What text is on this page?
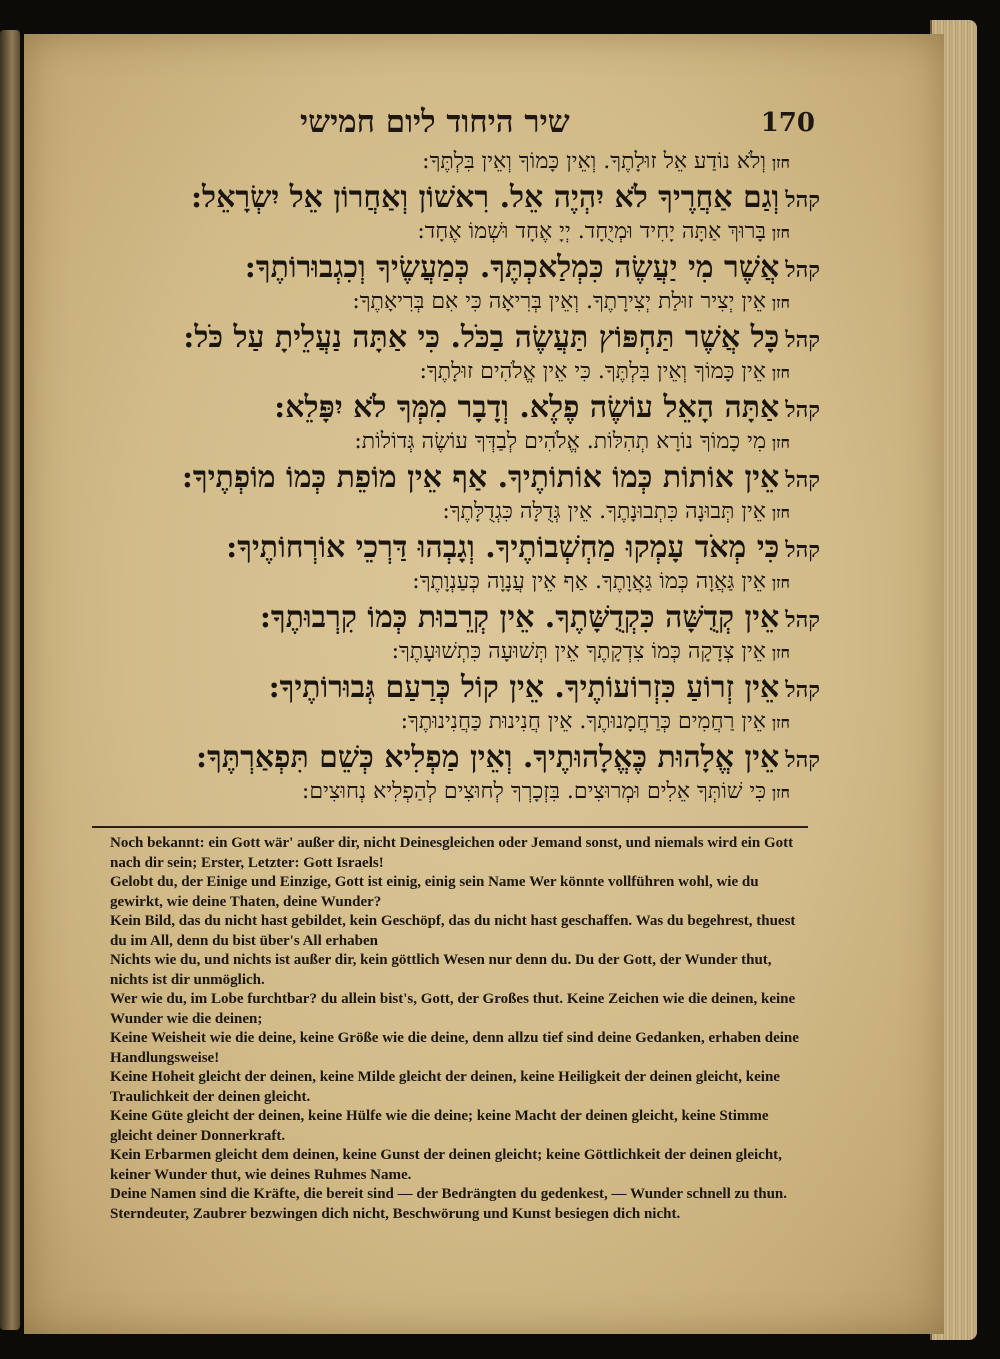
שיר היחוד ליום חמישי	170
חזןוְלֹא נוֹדַע אֵל זוּלָתֶךָ. וְאֵין כָּמוֹךָ וְאֵין בִּלְתֶּךָ:
קהלוְגַם אַחֲרֶיךָ לֹא יִהְיֶה אֵל. רִאשׁוֹן וְאַחֲרוֹן אֵל יִשְׂרָאֵל:
חזןבָּרוּךְ אַתָּה יָחִיד וּמְיֻחָד. יְיָ אֶחָד וּשְׁמוֹ אֶחָד:
קהלאֲשֶׁר מִי יַעֲשֶׂה כִּמְלַאכְתֶּךָ. כְּמַעֲשֶׂיךָ וְכִגְבוּרוֹתֶךָ:
חזןאֵין יְצִיר זוּלַת יְצִירָתֶךָ. וְאֵין בְּרִיאָה כִּי אִם בְּרִיאָתֶךָ:
קהלכָּל אֲשֶׁר תַּחְפּוֹץ תַּעֲשֶׂה בַכֹּל. כִּי אַתָּה נַעֲלֵיתָ עַל כֹּל:
חזןאֵין כָּמוֹךָ וְאֵין בִּלְתֶּךָ. כִּי אֵין אֱלֹהִים זוּלָתֶךָ:
קהלאַתָּה הָאֵל עוֹשֶׂה פֶלֶא. וְדָבָר מִמְּךָ לֹא יִפָּלֵא:
חזןמִי כָמוֹךָ נוֹרָא תְהִלּוֹת. אֱלֹהִים לְבַדְּךָ עוֹשֶׂה גְּדוֹלוֹת:
קהלאֵין אוֹתוֹת כְּמוֹ אוֹתוֹתֶיךָ. אַף אֵין מוֹפֵת כְּמוֹ מוֹפְתֶיךָ:
חזןאֵין תְּבוּנָה כִּתְבוּנָתֶךָ. אֵין גְּדֻלָּה כִּגְדֻלָּתֶךָ:
קהלכִּי מְאֹד עָמְקוּ מַחְשְׁבוֹתֶיךָ. וְגָבְהוּ דַּרְכֵי אוֹרְחוֹתֶיךָ:
חזןאֵין גַּאֲוָה כְּמוֹ גַּאֲוָתֶךָ. אַף אֵין עֲנָוָה כְּעַנְוָתֶךָ:
קהלאֵין קְדֻשָּׁה כִּקְדֻשָּׁתֶךָ. אֵין קְרֵבוּת כְּמוֹ קִרְבוּתֶךָ:
חזןאֵין צְדָקָה כְּמוֹ צִדְקָתֶךָ אֵין תְּשׁוּעָה כִּתְשׁוּעָתֶךָ:
קהלאֵין זְרוֹעַ כִּזְרוֹעוֹתֶיךָ. אֵין קוֹל כְּרַעַם גְּבוּרוֹתֶיךָ:
חזןאֵין רַחֲמִים כְּרַחֲמָנוּתֶךָ. אֵין חֲנִינוּת כַּחֲנִינוּתֶךָ:
קהלאֵין אֱלָהוּת כֶּאֱלָהוּתֶיךָ. וְאֵין מַפְלִיא כְּשֵׁם תִּפְאַרְתֶּךָ:
חזןכִּי שׁוֹתְּךָ אֵלִים וּמְרוּצִים. בִּזְכָרְךָ לְחוּצִים לְהַפְלִיא נְחוּצִים:
Noch bekannt: ein Gott wär' außer dir, nicht Deinesgleichen oder Jemand sonst, und niemals wird ein Gott nach dir sein; Erster, Letzter: Gott Israels!
Gelobt du, der Einige und Einzige, Gott ist einig, einig sein Name Wer könnte vollführen wohl, wie du gewirkt, wie deine Thaten, deine Wunder?
Kein Bild, das du nicht hast gebildet, kein Geschöpf, das du nicht hast geschaffen. Was du begehrest, thuest du im All, denn du bist über's All erhaben
Nichts wie du, und nichts ist außer dir, kein göttlich Wesen nur denn du. Du der Gott, der Wunder thut, nichts ist dir unmöglich.
Wer wie du, im Lobe furchtbar? du allein bist's, Gott, der Großes thut. Keine Zeichen wie die deinen, keine Wunder wie die deinen;
Keine Weisheit wie die deine, keine Größe wie die deine, denn allzu tief sind deine Gedanken, erhaben deine Handlungsweise!
Keine Hoheit gleicht der deinen, keine Milde gleicht der deinen, keine Heiligkeit der deinen gleicht, keine Traulichkeit der deinen gleicht.
Keine Güte gleicht der deinen, keine Hülfe wie die deine; keine Macht der deinen gleicht, keine Stimme gleicht deiner Donnerkraft.
Kein Erbarmen gleicht dem deinen, keine Gunst der deinen gleicht; keine Göttlichkeit der deinen gleicht, keiner Wunder thut, wie deines Ruhmes Name.
Deine Namen sind die Kräfte, die bereit sind — der Bedrängten du gedenkest, — Wunder schnell zu thun. Sterndeuter, Zaubrer bezwingen dich nicht, Beschwörung und Kunst besiegen dich nicht.
